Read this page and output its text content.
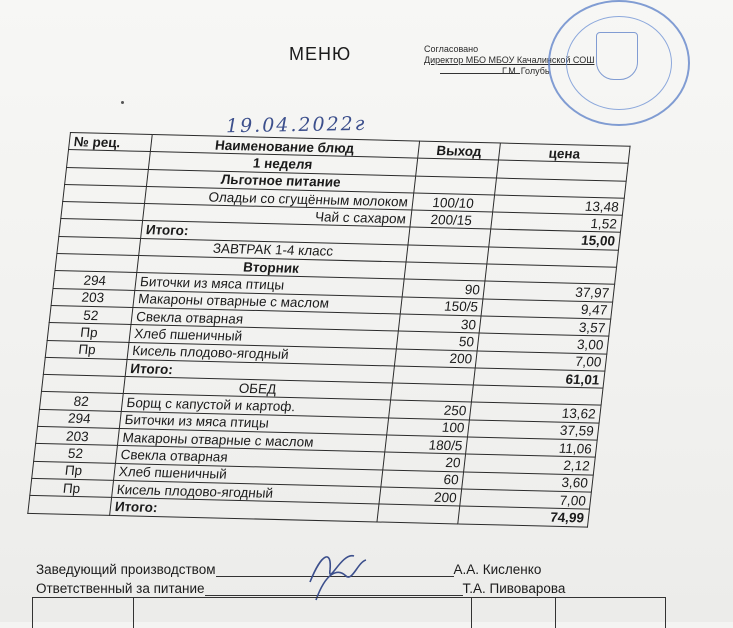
МЕНЮ	Согласовано
Директор МБО МБОУ Качалинской СОШ
Г.М. Голубь
19.04.2022г
№ рец.	Наименование блюд	Выход	цена
	1 неделя		
	Льготное питание		
	Оладьи со сгущённым молоком	100/10	13,48
	Чай с сахаром	200/15	1,52
	Итого:		15,00
	ЗАВТРАК 1-4 класс		
	Вторник		
294	Биточки из мяса птицы	90	37,97
203	Макароны отварные с маслом	150/5	9,47
52	Свекла отварная	30	3,57
Пр	Хлеб пшеничный	50	3,00
Пр	Кисель плодово-ягодный	200	7,00
	Итого:		61,01
	ОБЕД		
82	Борщ с капустой и картоф.	250	13,62
294	Биточки из мяса птицы	100	37,59
203	Макароны отварные с маслом	180/5	11,06
52	Свекла отварная	20	2,12
Пр	Хлеб пшеничный	60	3,60
Пр	Кисель плодово-ягодный	200	7,00
	Итого:		74,99
Заведующий производством	А.А. Кисленко
Ответственный за питание	Т.А. Пивоварова
